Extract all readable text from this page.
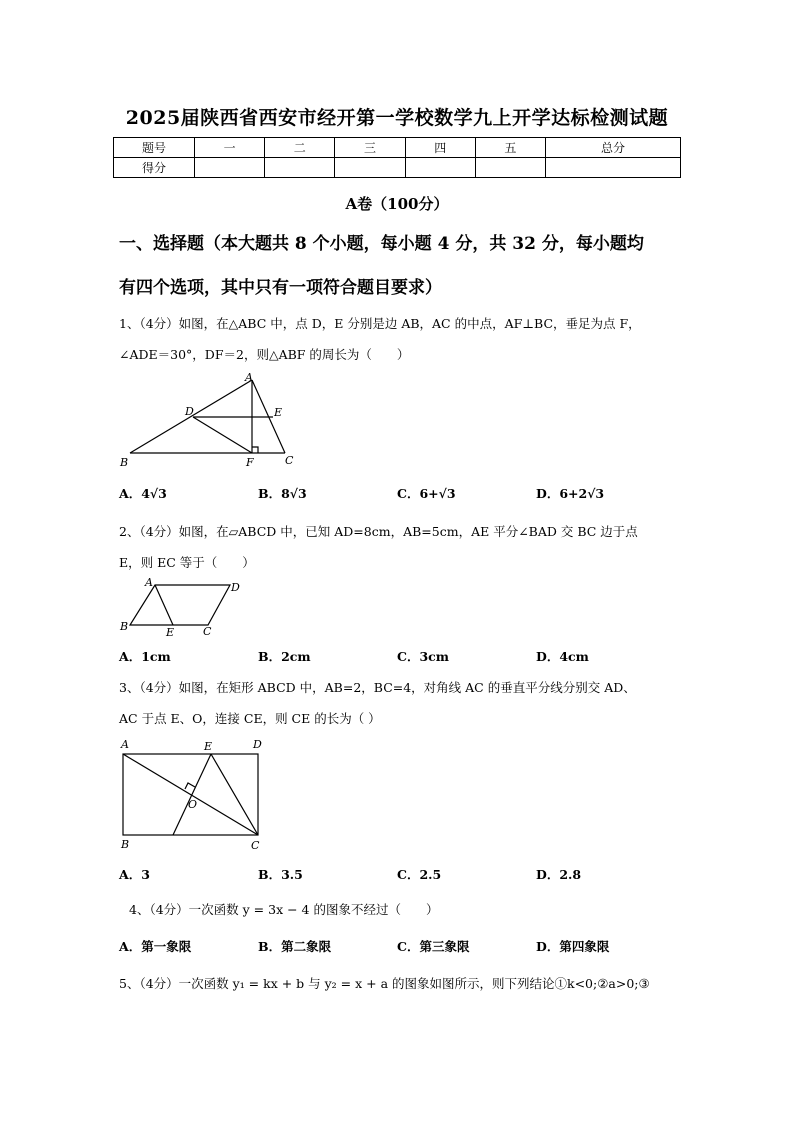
2025届陕西省西安市经开第一学校数学九上开学达标检测试题
题号	一	二	三	四	五	总分
得分						
A卷（100分）
一、选择题（本大题共 8 个小题，每小题 4 分，共 32 分，每小题均
有四个选项，其中只有一项符合题目要求）
1、（4分）如图，在△ABC 中，点 D，E 分别是边 AB，AC 的中点，AF⊥BC，垂足为点 F，
∠ADE＝30°，DF＝2，则△ABF 的周长为（　　）
A
D	E
B	F	C
A．4√3	B．8√3	C．6+√3	D．6+2√3
2、（4分）如图，在▱ABCD 中，已知 AD=8cm，AB=5cm，AE 平分∠BAD 交 BC 边于点
E，则 EC 等于（　　）
A	D
B	E	C
A．1cm	B．2cm	C．3cm	D．4cm
3、（4分）如图，在矩形 ABCD 中，AB=2，BC=4，对角线 AC 的垂直平分线分别交 AD、
AC 于点 E、O，连接 CE，则 CE 的长为（ ）
A	E	D
O
B	C
A．3	B．3.5	C．2.5	D．2.8
4、（4分）一次函数 y = 3x − 4 的图象不经过（　　）
A．第一象限	B．第二象限	C．第三象限	D．第四象限
5、（4分）一次函数 y₁ = kx + b 与 y₂ = x + a 的图象如图所示，则下列结论①k<0;②a>0;③
